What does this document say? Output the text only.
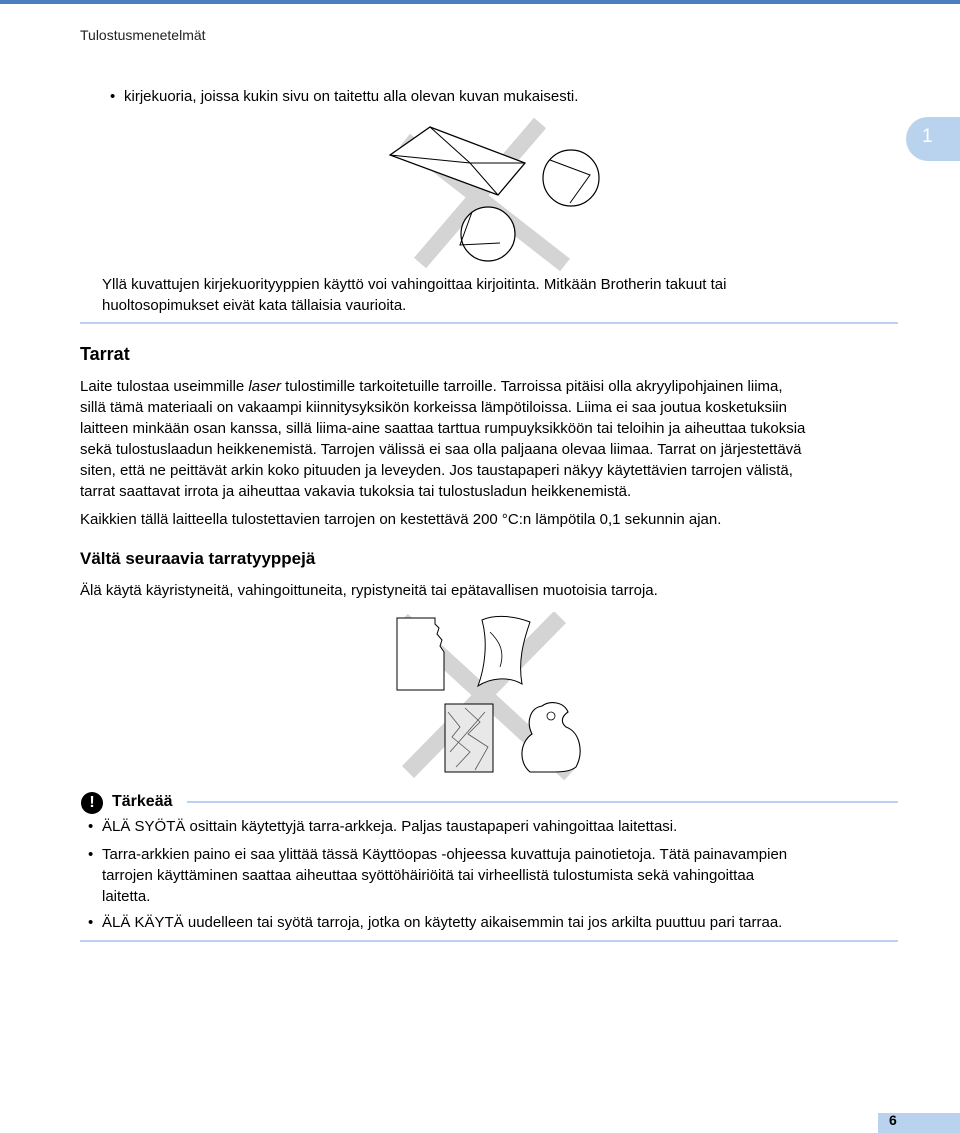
Tulostusmenetelmät
1
• kirjekuoria, joissa kukin sivu on taitettu alla olevan kuvan mukaisesti.

Yllä kuvattujen kirjekuorityyppien käyttö voi vahingoittaa kirjoitinta. Mitkään Brotherin takuut tai

huoltosopimukset eivät kata tällaisia vaurioita.

Tarrat

Laite tulostaa useimmille laser tulostimille tarkoitetuille tarroille. Tarroissa pitäisi olla akryylipohjainen liima,

sillä tämä materiaali on vakaampi kiinnitysyksikön korkeissa lämpötiloissa. Liima ei saa joutua kosketuksiin

laitteen minkään osan kanssa, sillä liima-aine saattaa tarttua rumpuyksikköön tai teloihin ja aiheuttaa tukoksia

sekä tulostuslaadun heikkenemistä. Tarrojen välissä ei saa olla paljaana olevaa liimaa. Tarrat on järjestettävä

siten, että ne peittävät arkin koko pituuden ja leveyden. Jos taustapaperi näkyy käytettävien tarrojen välistä,

tarrat saattavat irrota ja aiheuttaa vakavia tukoksia tai tulostusladun heikkenemistä.

Kaikkien tällä laitteella tulostettavien tarrojen on kestettävä 200 °C:n lämpötila 0,1 sekunnin ajan.

Vältä seuraavia tarratyyppejä

Älä käytä käyristyneitä, vahingoittuneita, rypistyneitä tai epätavallisen muotoisia tarroja.

!	Tärkeää
• ÄLÄ SYÖTÄ osittain käytettyjä tarra-arkkeja. Paljas taustapaperi vahingoittaa laitettasi.

• Tarra-arkkien paino ei saa ylittää tässä Käyttöopas -ohjeessa kuvattuja painotietoja. Tätä painavampien

tarrojen käyttäminen saattaa aiheuttaa syöttöhäiriöitä tai virheellistä tulostumista sekä vahingoittaa

laitetta.

• ÄLÄ KÄYTÄ uudelleen tai syötä tarroja, jotka on käytetty aikaisemmin tai jos arkilta puuttuu pari tarraa.

6
